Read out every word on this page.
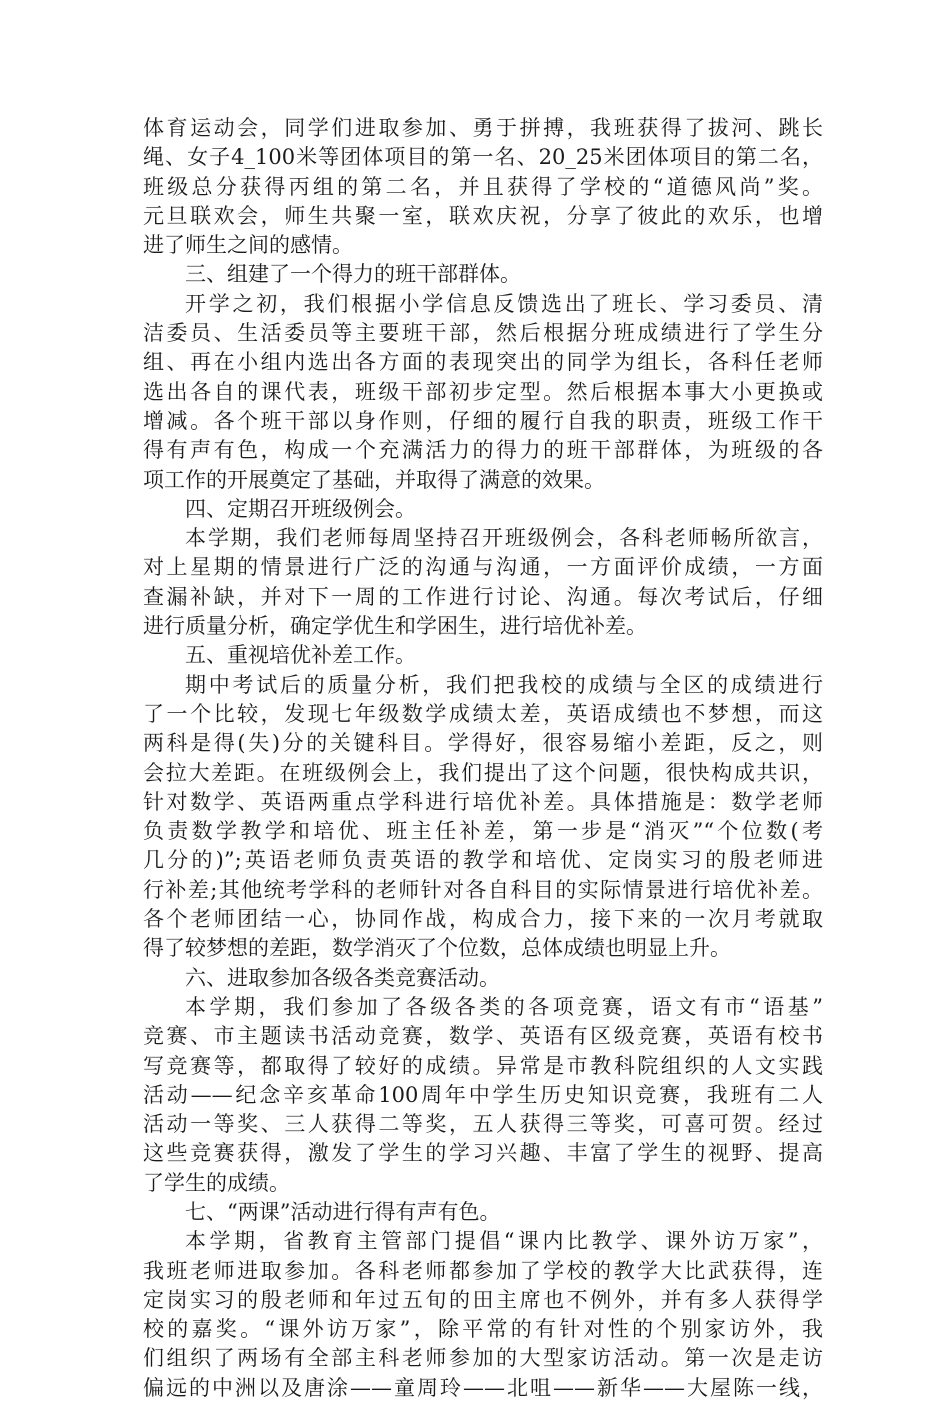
体育运动会，同学们进取参加、勇于拼搏，我班获得了拔河、跳长
绳、女子4_100米等团体项目的第一名、20_25米团体项目的第二名，
班级总分获得丙组的第二名，并且获得了学校的“道德风尚”奖。
元旦联欢会，师生共聚一室，联欢庆祝，分享了彼此的欢乐，也增
进了师生之间的感情。
三、组建了一个得力的班干部群体。
开学之初，我们根据小学信息反馈选出了班长、学习委员、清
洁委员、生活委员等主要班干部，然后根据分班成绩进行了学生分
组、再在小组内选出各方面的表现突出的同学为组长，各科任老师
选出各自的课代表，班级干部初步定型。然后根据本事大小更换或
增减。各个班干部以身作则，仔细的履行自我的职责，班级工作干
得有声有色，构成一个充满活力的得力的班干部群体，为班级的各
项工作的开展奠定了基础，并取得了满意的效果。
四、定期召开班级例会。
本学期，我们老师每周坚持召开班级例会，各科老师畅所欲言，
对上星期的情景进行广泛的沟通与沟通，一方面评价成绩，一方面
查漏补缺，并对下一周的工作进行讨论、沟通。每次考试后，仔细
进行质量分析，确定学优生和学困生，进行培优补差。
五、重视培优补差工作。
期中考试后的质量分析，我们把我校的成绩与全区的成绩进行
了一个比较，发现七年级数学成绩太差，英语成绩也不梦想，而这
两科是得(失)分的关键科目。学得好，很容易缩小差距，反之，则
会拉大差距。在班级例会上，我们提出了这个问题，很快构成共识，
针对数学、英语两重点学科进行培优补差。具体措施是：数学老师
负责数学教学和培优、班主任补差，第一步是“消灭”“个位数(考
几分的)”;英语老师负责英语的教学和培优、定岗实习的殷老师进
行补差;其他统考学科的老师针对各自科目的实际情景进行培优补差。
各个老师团结一心，协同作战，构成合力，接下来的一次月考就取
得了较梦想的差距，数学消灭了个位数，总体成绩也明显上升。
六、进取参加各级各类竞赛活动。
本学期，我们参加了各级各类的各项竞赛，语文有市“语基”
竞赛、市主题读书活动竞赛，数学、英语有区级竞赛，英语有校书
写竞赛等，都取得了较好的成绩。异常是市教科院组织的人文实践
活动——纪念辛亥革命100周年中学生历史知识竞赛，我班有二人
活动一等奖、三人获得二等奖，五人获得三等奖，可喜可贺。经过
这些竞赛获得，激发了学生的学习兴趣、丰富了学生的视野、提高
了学生的成绩。
七、“两课”活动进行得有声有色。
本学期，省教育主管部门提倡“课内比教学、课外访万家”，
我班老师进取参加。各科老师都参加了学校的教学大比武获得，连
定岗实习的殷老师和年过五旬的田主席也不例外，并有多人获得学
校的嘉奖。“课外访万家”，除平常的有针对性的个别家访外，我
们组织了两场有全部主科老师参加的大型家访活动。第一次是走访
偏远的中洲以及唐涂——童周玲——北咀——新华——大屋陈一线，
